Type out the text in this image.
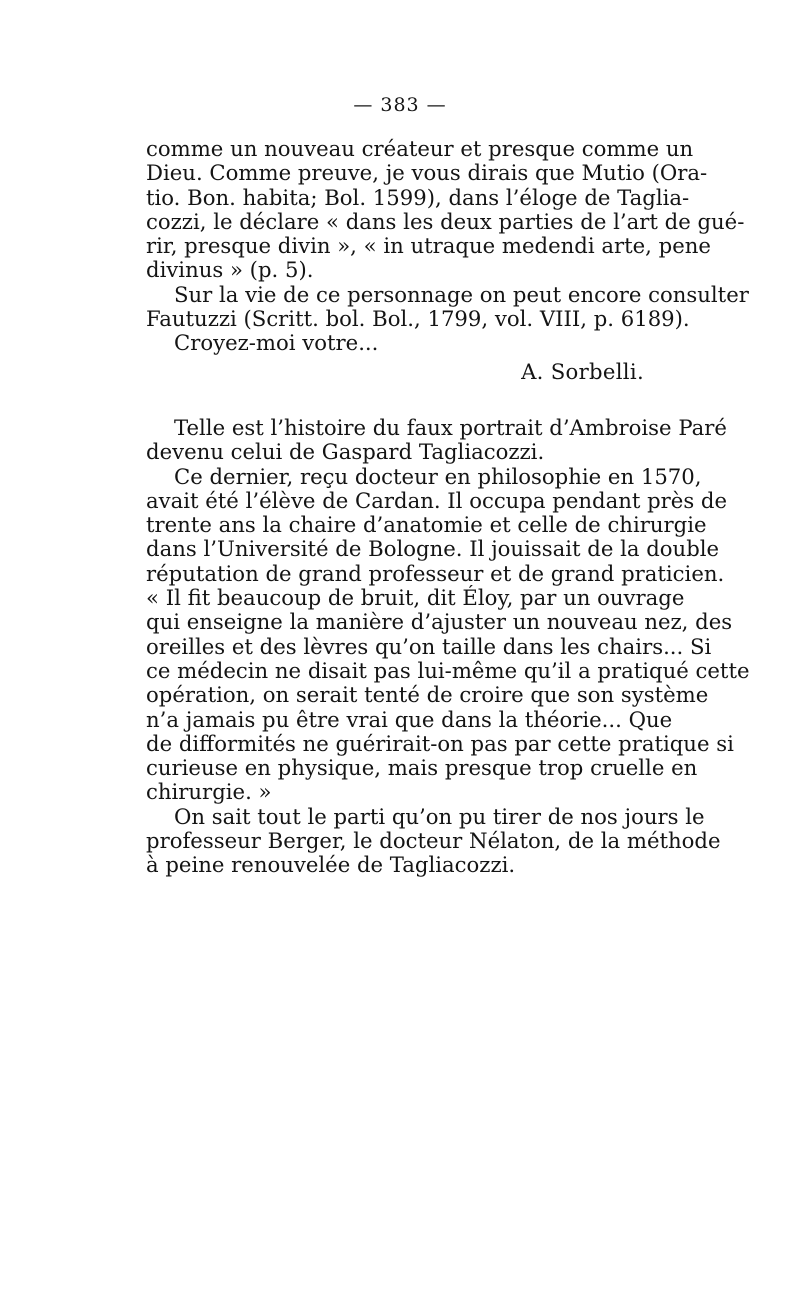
— 383 —
comme un nouveau créateur et presque comme un
Dieu. Comme preuve, je vous dirais que Mutio (Ora-
tio. Bon. habita; Bol. 1599), dans l’éloge de Taglia-
cozzi, le déclare « dans les deux parties de l’art de gué-
rir, presque divin », « in utraque medendi arte, pene
divinus » (p. 5).
Sur la vie de ce personnage on peut encore consulter
Fautuzzi (Scritt. bol. Bol., 1799, vol. VIII, p. 6189).
Croyez-moi votre...
A. Sorbelli.
Telle est l’histoire du faux portrait d’Ambroise Paré
devenu celui de Gaspard Tagliacozzi.
Ce dernier, reçu docteur en philosophie en 1570,
avait été l’élève de Cardan. Il occupa pendant près de
trente ans la chaire d’anatomie et celle de chirurgie
dans l’Université de Bologne. Il jouissait de la double
réputation de grand professeur et de grand praticien.
« Il fit beaucoup de bruit, dit Éloy, par un ouvrage
qui enseigne la manière d’ajuster un nouveau nez, des
oreilles et des lèvres qu’on taille dans les chairs... Si
ce médecin ne disait pas lui-même qu’il a pratiqué cette
opération, on serait tenté de croire que son système
n’a jamais pu être vrai que dans la théorie... Que
de difformités ne guérirait-on pas par cette pratique si
curieuse en physique, mais presque trop cruelle en
chirurgie. »
On sait tout le parti qu’on pu tirer de nos jours le
professeur Berger, le docteur Nélaton, de la méthode
à peine renouvelée de Tagliacozzi.
